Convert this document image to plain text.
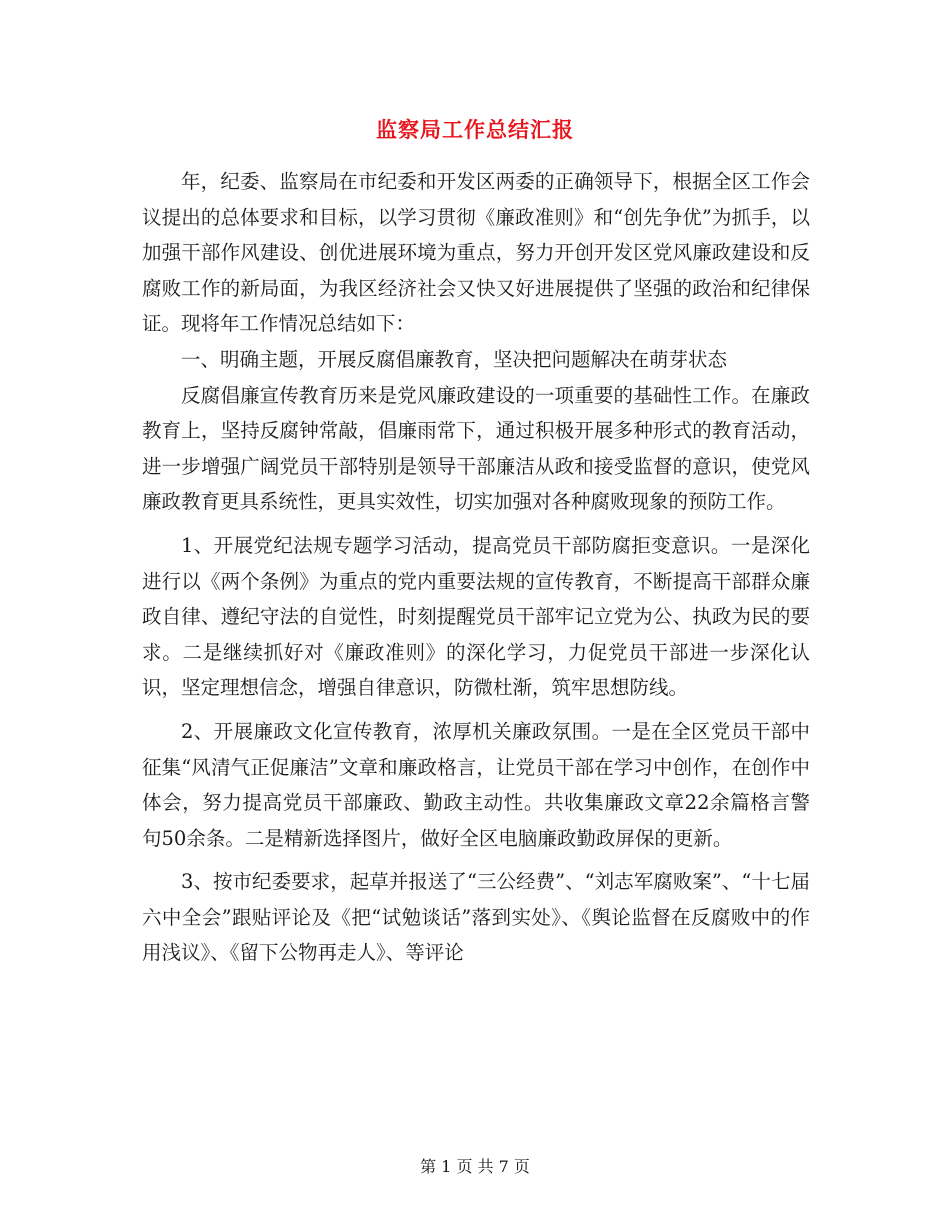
监察局工作总结汇报

年，纪委、监察局在市纪委和开发区两委的正确领导下，根据全区工作会议提出的总体要求和目标，以学习贯彻《廉政准则》和“创先争优”为抓手，以加强干部作风建设、创优进展环境为重点，努力开创开发区党风廉政建设和反腐败工作的新局面，为我区经济社会又快又好进展提供了坚强的政治和纪律保证。现将年工作情况总结如下：

一、明确主题，开展反腐倡廉教育，坚决把问题解决在萌芽状态

反腐倡廉宣传教育历来是党风廉政建设的一项重要的基础性工作。在廉政教育上，坚持反腐钟常敲，倡廉雨常下，通过积极开展多种形式的教育活动，进一步增强广阔党员干部特别是领导干部廉洁从政和接受监督的意识，使党风廉政教育更具系统性，更具实效性，切实加强对各种腐败现象的预防工作。

1、开展党纪法规专题学习活动，提高党员干部防腐拒变意识。一是深化进行以《两个条例》为重点的党内重要法规的宣传教育，不断提高干部群众廉政自律、遵纪守法的自觉性，时刻提醒党员干部牢记立党为公、执政为民的要求。二是继续抓好对《廉政准则》的深化学习，力促党员干部进一步深化认识，坚定理想信念，增强自律意识，防微杜渐，筑牢思想防线。

2、开展廉政文化宣传教育，浓厚机关廉政氛围。一是在全区党员干部中征集“风清气正促廉洁”文章和廉政格言，让党员干部在学习中创作，在创作中体会，努力提高党员干部廉政、勤政主动性。共收集廉政文章22余篇格言警句50余条。二是精新选择图片，做好全区电脑廉政勤政屏保的更新。

3、按市纪委要求，起草并报送了“三公经费”、“刘志军腐败案”、“十七届六中全会”跟贴评论及《把“试勉谈话”落到实处》、《舆论监督在反腐败中的作用浅议》、《留下公物再走人》、等评论

第 1 页 共 7 页
